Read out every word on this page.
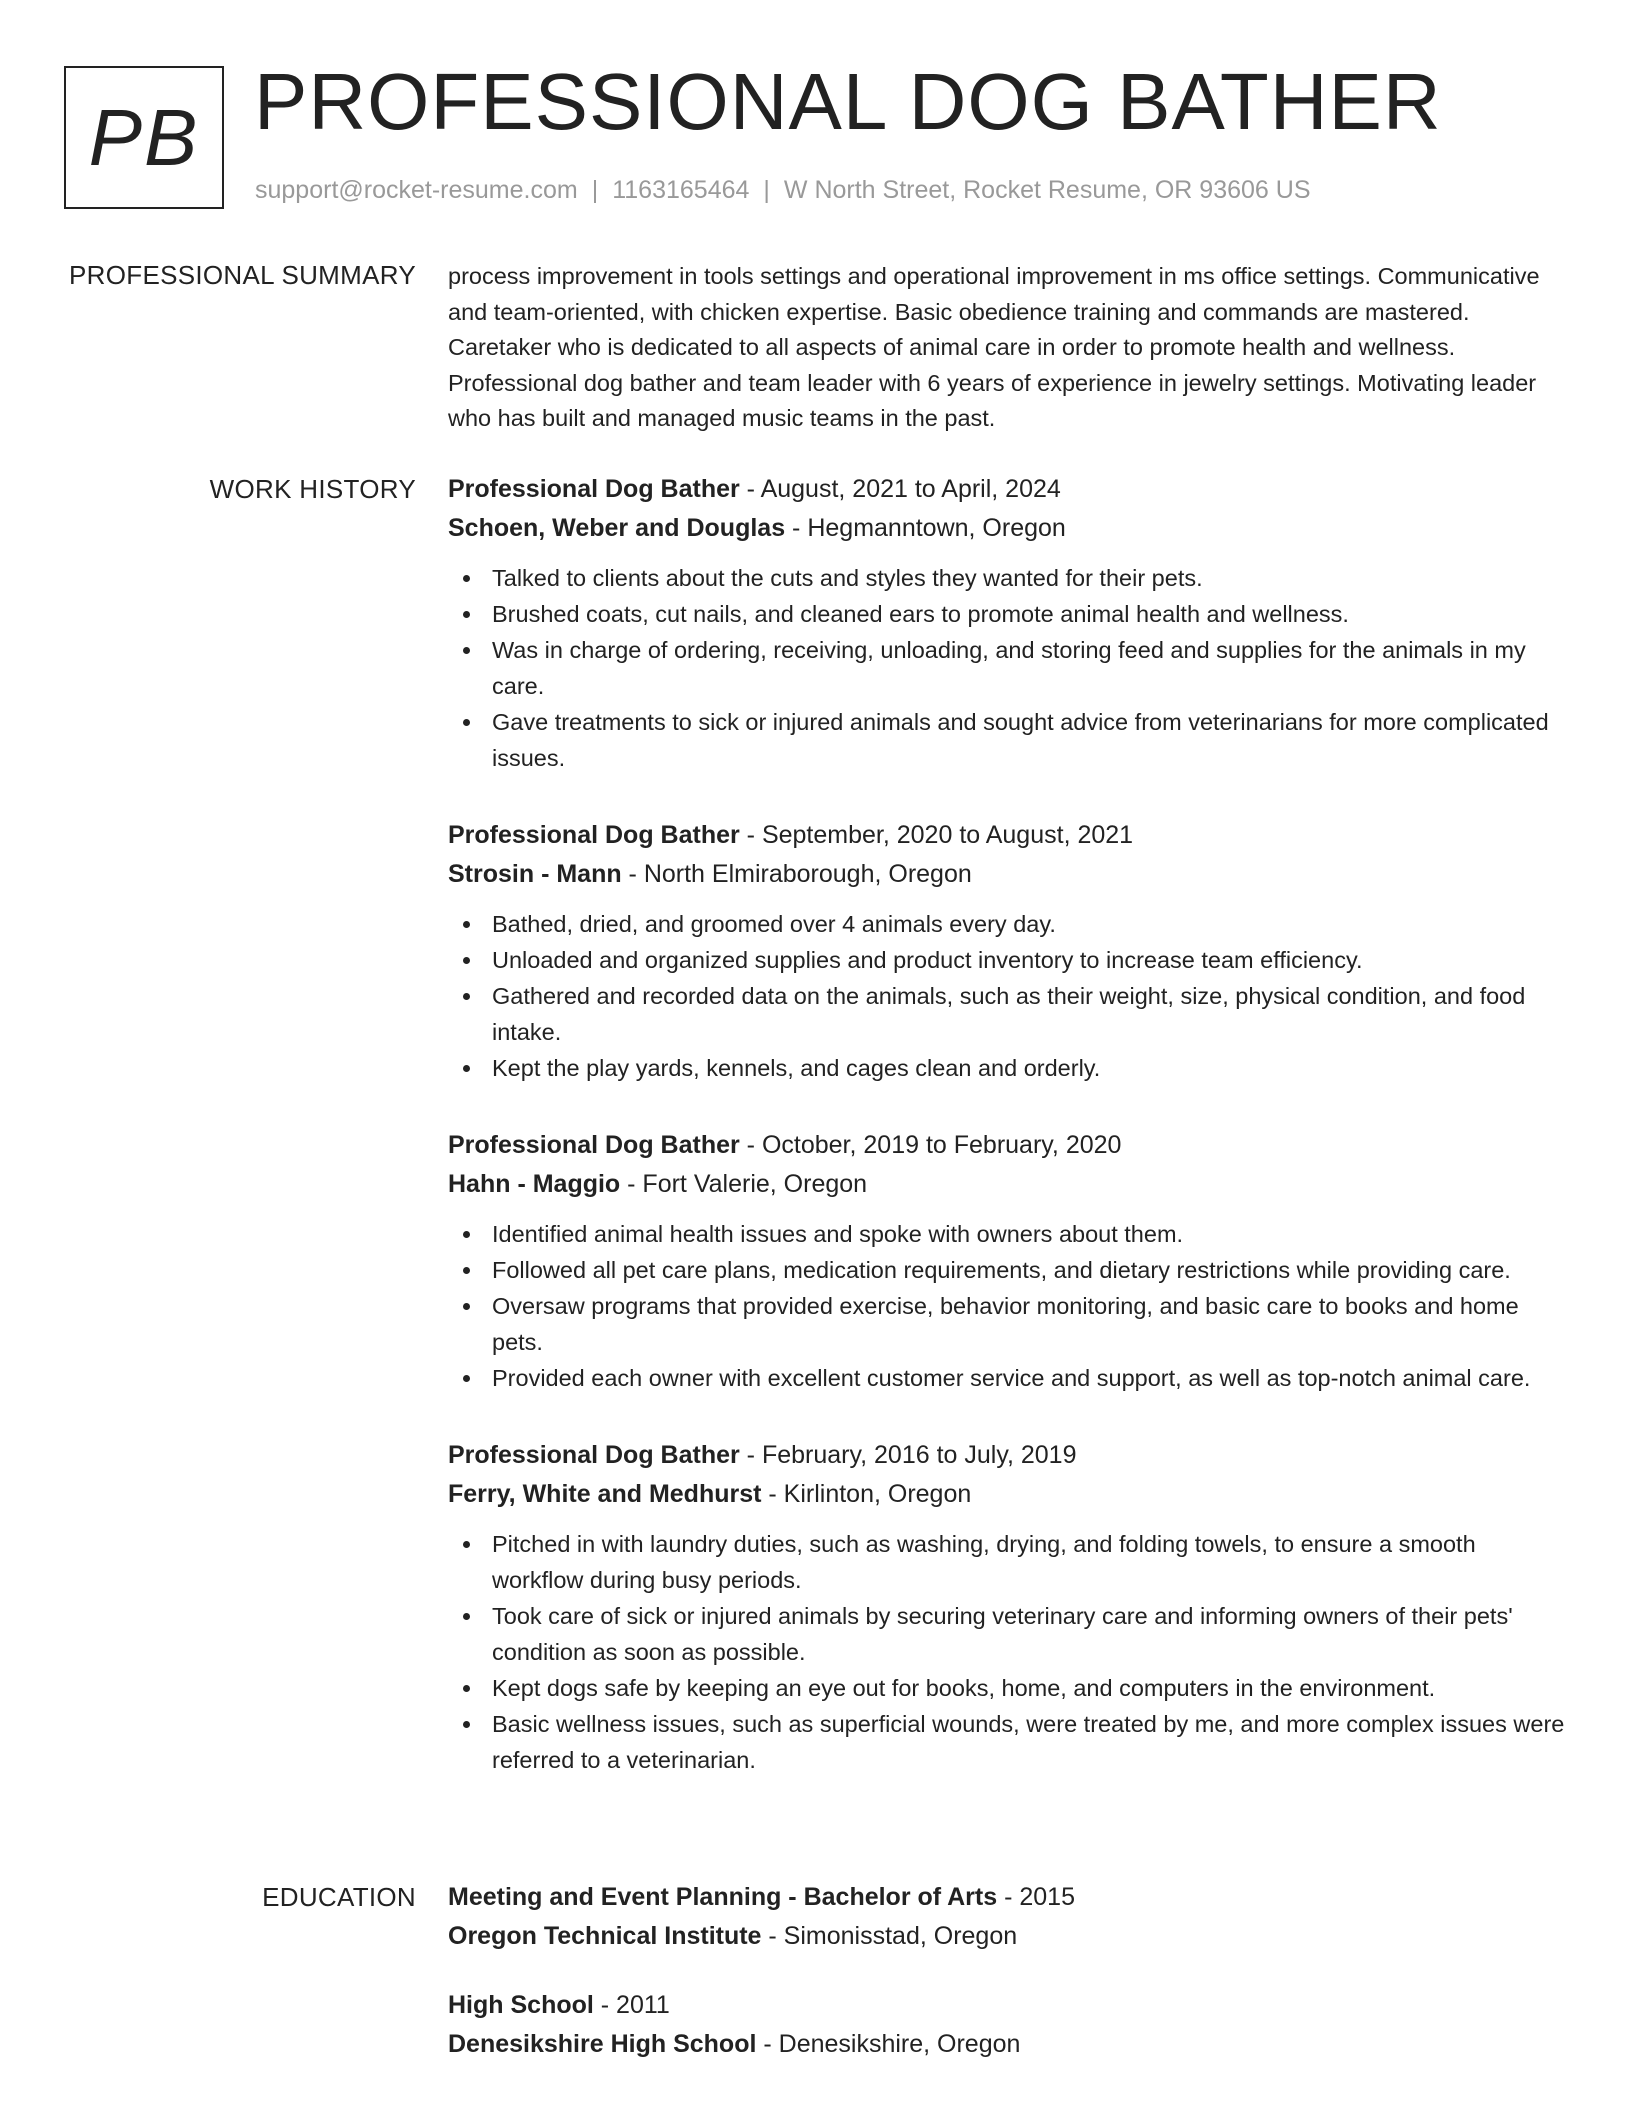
PB PROFESSIONAL DOG BATHER
support@rocket-resume.com | 1163165464 | W North Street, Rocket Resume, OR 93606 US
PROFESSIONAL SUMMARY process improvement in tools settings and operational improvement in ms office settings. Communicative and team-oriented, with chicken expertise. Basic obedience training and commands are mastered. Caretaker who is dedicated to all aspects of animal care in order to promote health and wellness. Professional dog bather and team leader with 6 years of experience in jewelry settings. Motivating leader who has built and managed music teams in the past.

WORK HISTORY Professional Dog Bather - August, 2021 to April, 2024
Schoen, Weber and Douglas - Hegmanntown, Oregon
Talked to clients about the cuts and styles they wanted for their pets.
Brushed coats, cut nails, and cleaned ears to promote animal health and wellness.
Was in charge of ordering, receiving, unloading, and storing feed and supplies for the animals in my care.
Gave treatments to sick or injured animals and sought advice from veterinarians for more complicated issues.
Professional Dog Bather - September, 2020 to August, 2021
Strosin - Mann - North Elmiraborough, Oregon
Bathed, dried, and groomed over 4 animals every day.
Unloaded and organized supplies and product inventory to increase team efficiency.
Gathered and recorded data on the animals, such as their weight, size, physical condition, and food intake.
Kept the play yards, kennels, and cages clean and orderly.
Professional Dog Bather - October, 2019 to February, 2020
Hahn - Maggio - Fort Valerie, Oregon
Identified animal health issues and spoke with owners about them.
Followed all pet care plans, medication requirements, and dietary restrictions while providing care.
Oversaw programs that provided exercise, behavior monitoring, and basic care to books and home pets.
Provided each owner with excellent customer service and support, as well as top-notch animal care.
Professional Dog Bather - February, 2016 to July, 2019
Ferry, White and Medhurst - Kirlinton, Oregon
Pitched in with laundry duties, such as washing, drying, and folding towels, to ensure a smooth workflow during busy periods.
Took care of sick or injured animals by securing veterinary care and informing owners of their pets' condition as soon as possible.
Kept dogs safe by keeping an eye out for books, home, and computers in the environment.
Basic wellness issues, such as superficial wounds, were treated by me, and more complex issues were referred to a veterinarian.
EDUCATION Meeting and Event Planning - Bachelor of Arts - 2015
Oregon Technical Institute - Simonisstad, Oregon
High School - 2011
Denesikshire High School - Denesikshire, Oregon
